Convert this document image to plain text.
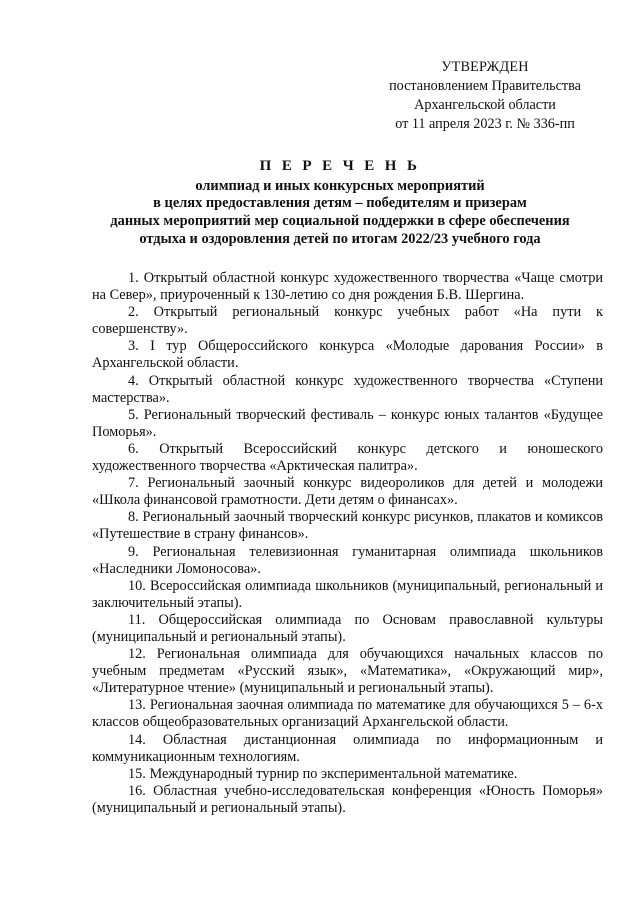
УТВЕРЖДЕН
постановлением Правительства
Архангельской области
от 11 апреля 2023 г. № 336-пп
П Е Р Е Ч Е Н Ь
олимпиад и иных конкурсных мероприятий
в целях предоставления детям – победителям и призерам
данных мероприятий мер социальной поддержки в сфере обеспечения
отдыха и оздоровления детей по итогам 2022/23 учебного года

1. Открытый областной конкурс художественного творчества «Чаще смотри на Север», приуроченный к 130-летию со дня рождения Б.В. Шергина.

2. Открытый региональный конкурс учебных работ «На пути к совершенству».

3. I тур Общероссийского конкурса «Молодые дарования России» в Архангельской области.

4. Открытый областной конкурс художественного творчества «Ступени мастерства».

5. Региональный творческий фестиваль – конкурс юных талантов «Будущее Поморья».

6. Открытый Всероссийский конкурс детского и юношеского художественного творчества «Арктическая палитра».

7. Региональный заочный конкурс видеороликов для детей и молодежи «Школа финансовой грамотности. Дети детям о финансах».

8. Региональный заочный творческий конкурс рисунков, плакатов и комиксов «Путешествие в страну финансов».

9. Региональная телевизионная гуманитарная олимпиада школьников «Наследники Ломоносова».

10. Всероссийская олимпиада школьников (муниципальный, региональный и заключительный этапы).

11. Общероссийская олимпиада по Основам православной культуры (муниципальный и региональный этапы).

12. Региональная олимпиада для обучающихся начальных классов по учебным предметам «Русский язык», «Математика», «Окружающий мир», «Литературное чтение» (муниципальный и региональный этапы).

13. Региональная заочная олимпиада по математике для обучающихся 5 – 6-х классов общеобразовательных организаций Архангельской области.

14. Областная дистанционная олимпиада по информационным и коммуникационным технологиям.

15. Международный турнир по экспериментальной математике.

16. Областная учебно-исследовательская конференция «Юность Поморья» (муниципальный и региональный этапы).
